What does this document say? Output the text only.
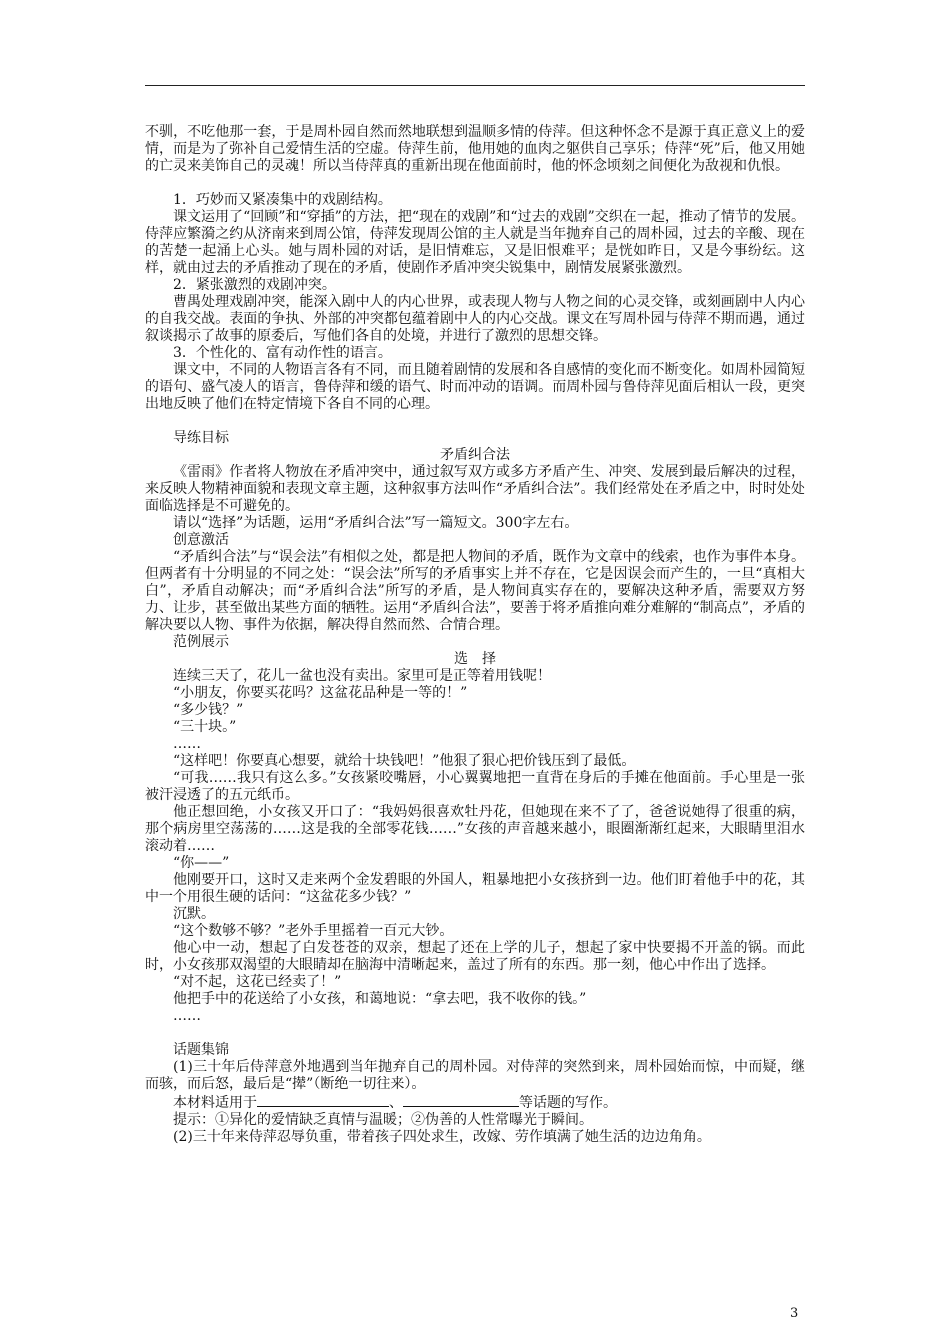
不驯，不吃他那一套，于是周朴园自然而然地联想到温顺多情的侍萍。但这种怀念不是源于真正意义上的爱情，而是为了弥补自己爱情生活的空虚。侍萍生前，他用她的血肉之躯供自己享乐；侍萍“死”后，他又用她的亡灵来美饰自己的灵魂！所以当侍萍真的重新出现在他面前时，他的怀念顷刻之间便化为敌视和仇恨。

1．巧妙而又紧凑集中的戏剧结构。

课文运用了“回顾”和“穿插”的方法，把“现在的戏剧”和“过去的戏剧”交织在一起，推动了情节的发展。侍萍应繁漪之约从济南来到周公馆，侍萍发现周公馆的主人就是当年抛弃自己的周朴园，过去的辛酸、现在的苦楚一起涌上心头。她与周朴园的对话，是旧情难忘，又是旧恨难平；是恍如昨日，又是今事纷纭。这样，就由过去的矛盾推动了现在的矛盾，使剧作矛盾冲突尖锐集中，剧情发展紧张激烈。

2．紧张激烈的戏剧冲突。

曹禺处理戏剧冲突，能深入剧中人的内心世界，或表现人物与人物之间的心灵交锋，或刻画剧中人内心的自我交战。表面的争执、外部的冲突都包蕴着剧中人的内心交战。课文在写周朴园与侍萍不期而遇，通过叙谈揭示了故事的原委后，写他们各自的处境，并进行了激烈的思想交锋。

3．个性化的、富有动作性的语言。

课文中，不同的人物语言各有不同，而且随着剧情的发展和各自感情的变化而不断变化。如周朴园简短的语句、盛气凌人的语言，鲁侍萍和缓的语气、时而冲动的语调。而周朴园与鲁侍萍见面后相认一段，更突出地反映了他们在特定情境下各自不同的心理。

导练目标

矛盾纠合法

《雷雨》作者将人物放在矛盾冲突中，通过叙写双方或多方矛盾产生、冲突、发展到最后解决的过程，来反映人物精神面貌和表现文章主题，这种叙事方法叫作“矛盾纠合法”。我们经常处在矛盾之中，时时处处面临选择是不可避免的。

请以“选择”为话题，运用“矛盾纠合法”写一篇短文。300字左右。

创意激活

“矛盾纠合法”与“误会法”有相似之处，都是把人物间的矛盾，既作为文章中的线索，也作为事件本身。但两者有十分明显的不同之处：“误会法”所写的矛盾事实上并不存在，它是因误会而产生的，一旦“真相大白”，矛盾自动解决；而“矛盾纠合法”所写的矛盾，是人物间真实存在的，要解决这种矛盾，需要双方努力、让步，甚至做出某些方面的牺牲。运用“矛盾纠合法”，要善于将矛盾推向难分难解的“制高点”，矛盾的解决要以人物、事件为依据，解决得自然而然、合情合理。

范例展示

选　择

连续三天了，花儿一盆也没有卖出。家里可是正等着用钱呢！

“小朋友，你要买花吗？这盆花品种是一等的！”

“多少钱？”

“三十块。”

……

“这样吧！你要真心想要，就给十块钱吧！”他狠了狠心把价钱压到了最低。

“可我……我只有这么多。”女孩紧咬嘴唇，小心翼翼地把一直背在身后的手摊在他面前。手心里是一张被汗浸透了的五元纸币。

他正想回绝，小女孩又开口了：“我妈妈很喜欢牡丹花，但她现在来不了了，爸爸说她得了很重的病，那个病房里空荡荡的……这是我的全部零花钱……”女孩的声音越来越小，眼圈渐渐红起来，大眼睛里泪水滚动着……

“你——”

他刚要开口，这时又走来两个金发碧眼的外国人，粗暴地把小女孩挤到一边。他们盯着他手中的花，其中一个用很生硬的话问：“这盆花多少钱？”

沉默。

“这个数够不够？”老外手里摇着一百元大钞。

他心中一动，想起了白发苍苍的双亲，想起了还在上学的儿子，想起了家中快要揭不开盖的锅。而此时，小女孩那双渴望的大眼睛却在脑海中清晰起来，盖过了所有的东西。那一刻，他心中作出了选择。

“对不起，这花已经卖了！”

他把手中的花送给了小女孩，和蔼地说：“拿去吧，我不收你的钱。”

……

话题集锦

(1)三十年后侍萍意外地遇到当年抛弃自己的周朴园。对侍萍的突然到来，周朴园始而惊，中而疑，继而骇，而后怒，最后是“撵”（断绝一切往来）。

本材料适用于	、	等话题的写作。

提示：①异化的爱情缺乏真情与温暖；②伪善的人性常曝光于瞬间。

(2)三十年来侍萍忍辱负重，带着孩子四处求生，改嫁、劳作填满了她生活的边边角角。

3
